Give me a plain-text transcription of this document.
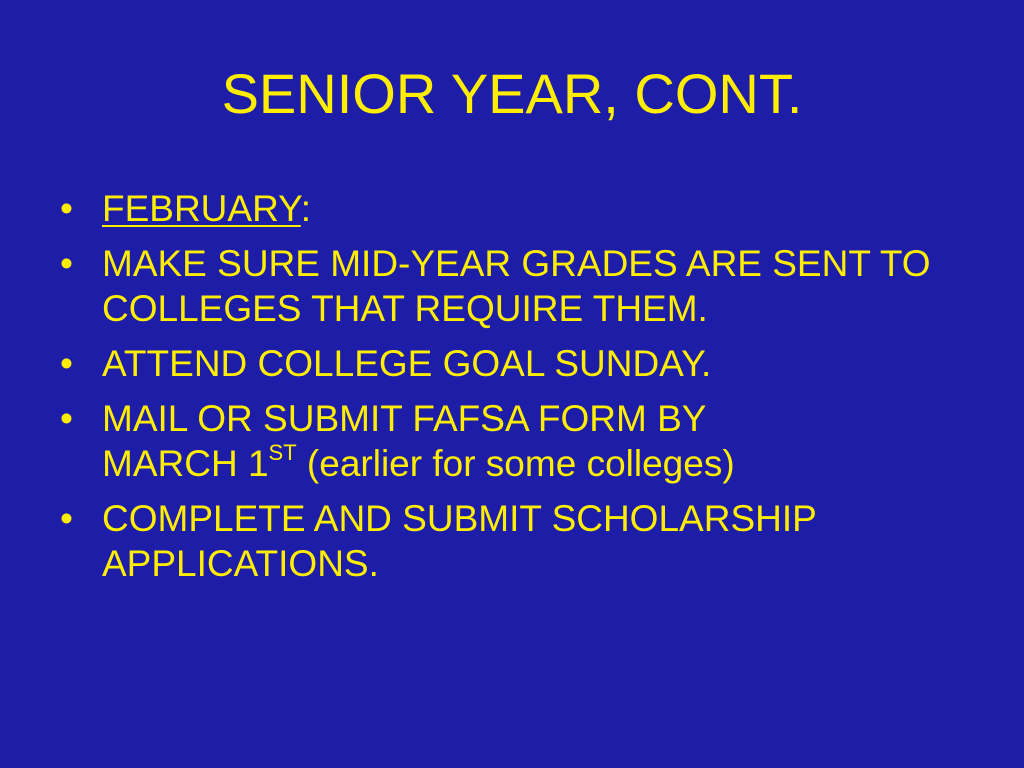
SENIOR YEAR, CONT.
• FEBRUARY:
• MAKE SURE MID-YEAR GRADES ARE SENT TO COLLEGES THAT REQUIRE THEM.
• ATTEND COLLEGE GOAL SUNDAY.
• MAIL OR SUBMIT FAFSA FORM BY
MARCH 1ST (earlier for some colleges)
• COMPLETE AND SUBMIT SCHOLARSHIP APPLICATIONS.
